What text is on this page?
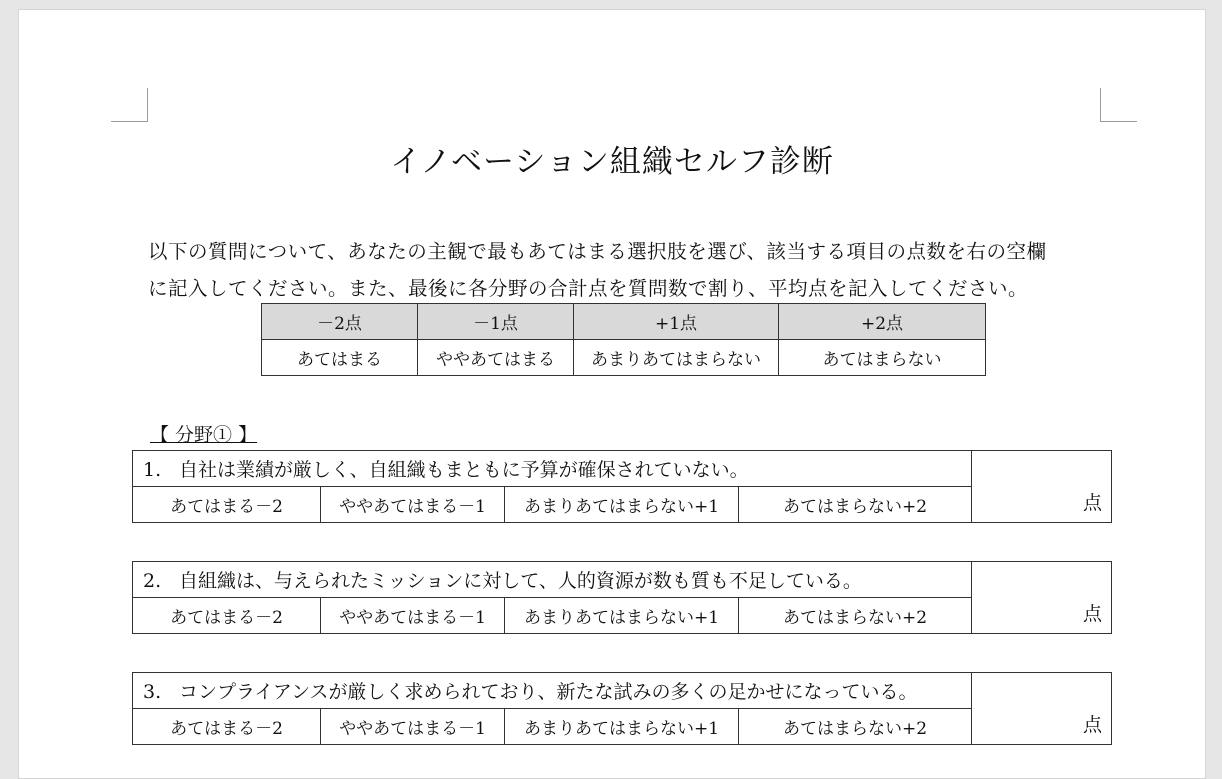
イノベーション組織セルフ診断
以下の質問について、あなたの主観で最もあてはまる選択肢を選び、該当する項目の点数を右の空欄
に記入してください。また、最後に各分野の合計点を質問数で割り、平均点を記入してください。
－2点	－1点	+1点	+2点
あてはまる	ややあてはまる	あまりあてはまらない	あてはまらない
【 分野① 】
1. 自社は業績が厳しく、自組織もまともに予算が確保されていない。				点
あてはまる－2	ややあてはまる－1	あまりあてはまらない+1	あてはまらない+2	
2. 自組織は、与えられたミッションに対して、人的資源が数も質も不足している。				点
あてはまる－2	ややあてはまる－1	あまりあてはまらない+1	あてはまらない+2	
3. コンプライアンスが厳しく求められており、新たな試みの多くの足かせになっている。				点
あてはまる－2	ややあてはまる－1	あまりあてはまらない+1	あてはまらない+2	
